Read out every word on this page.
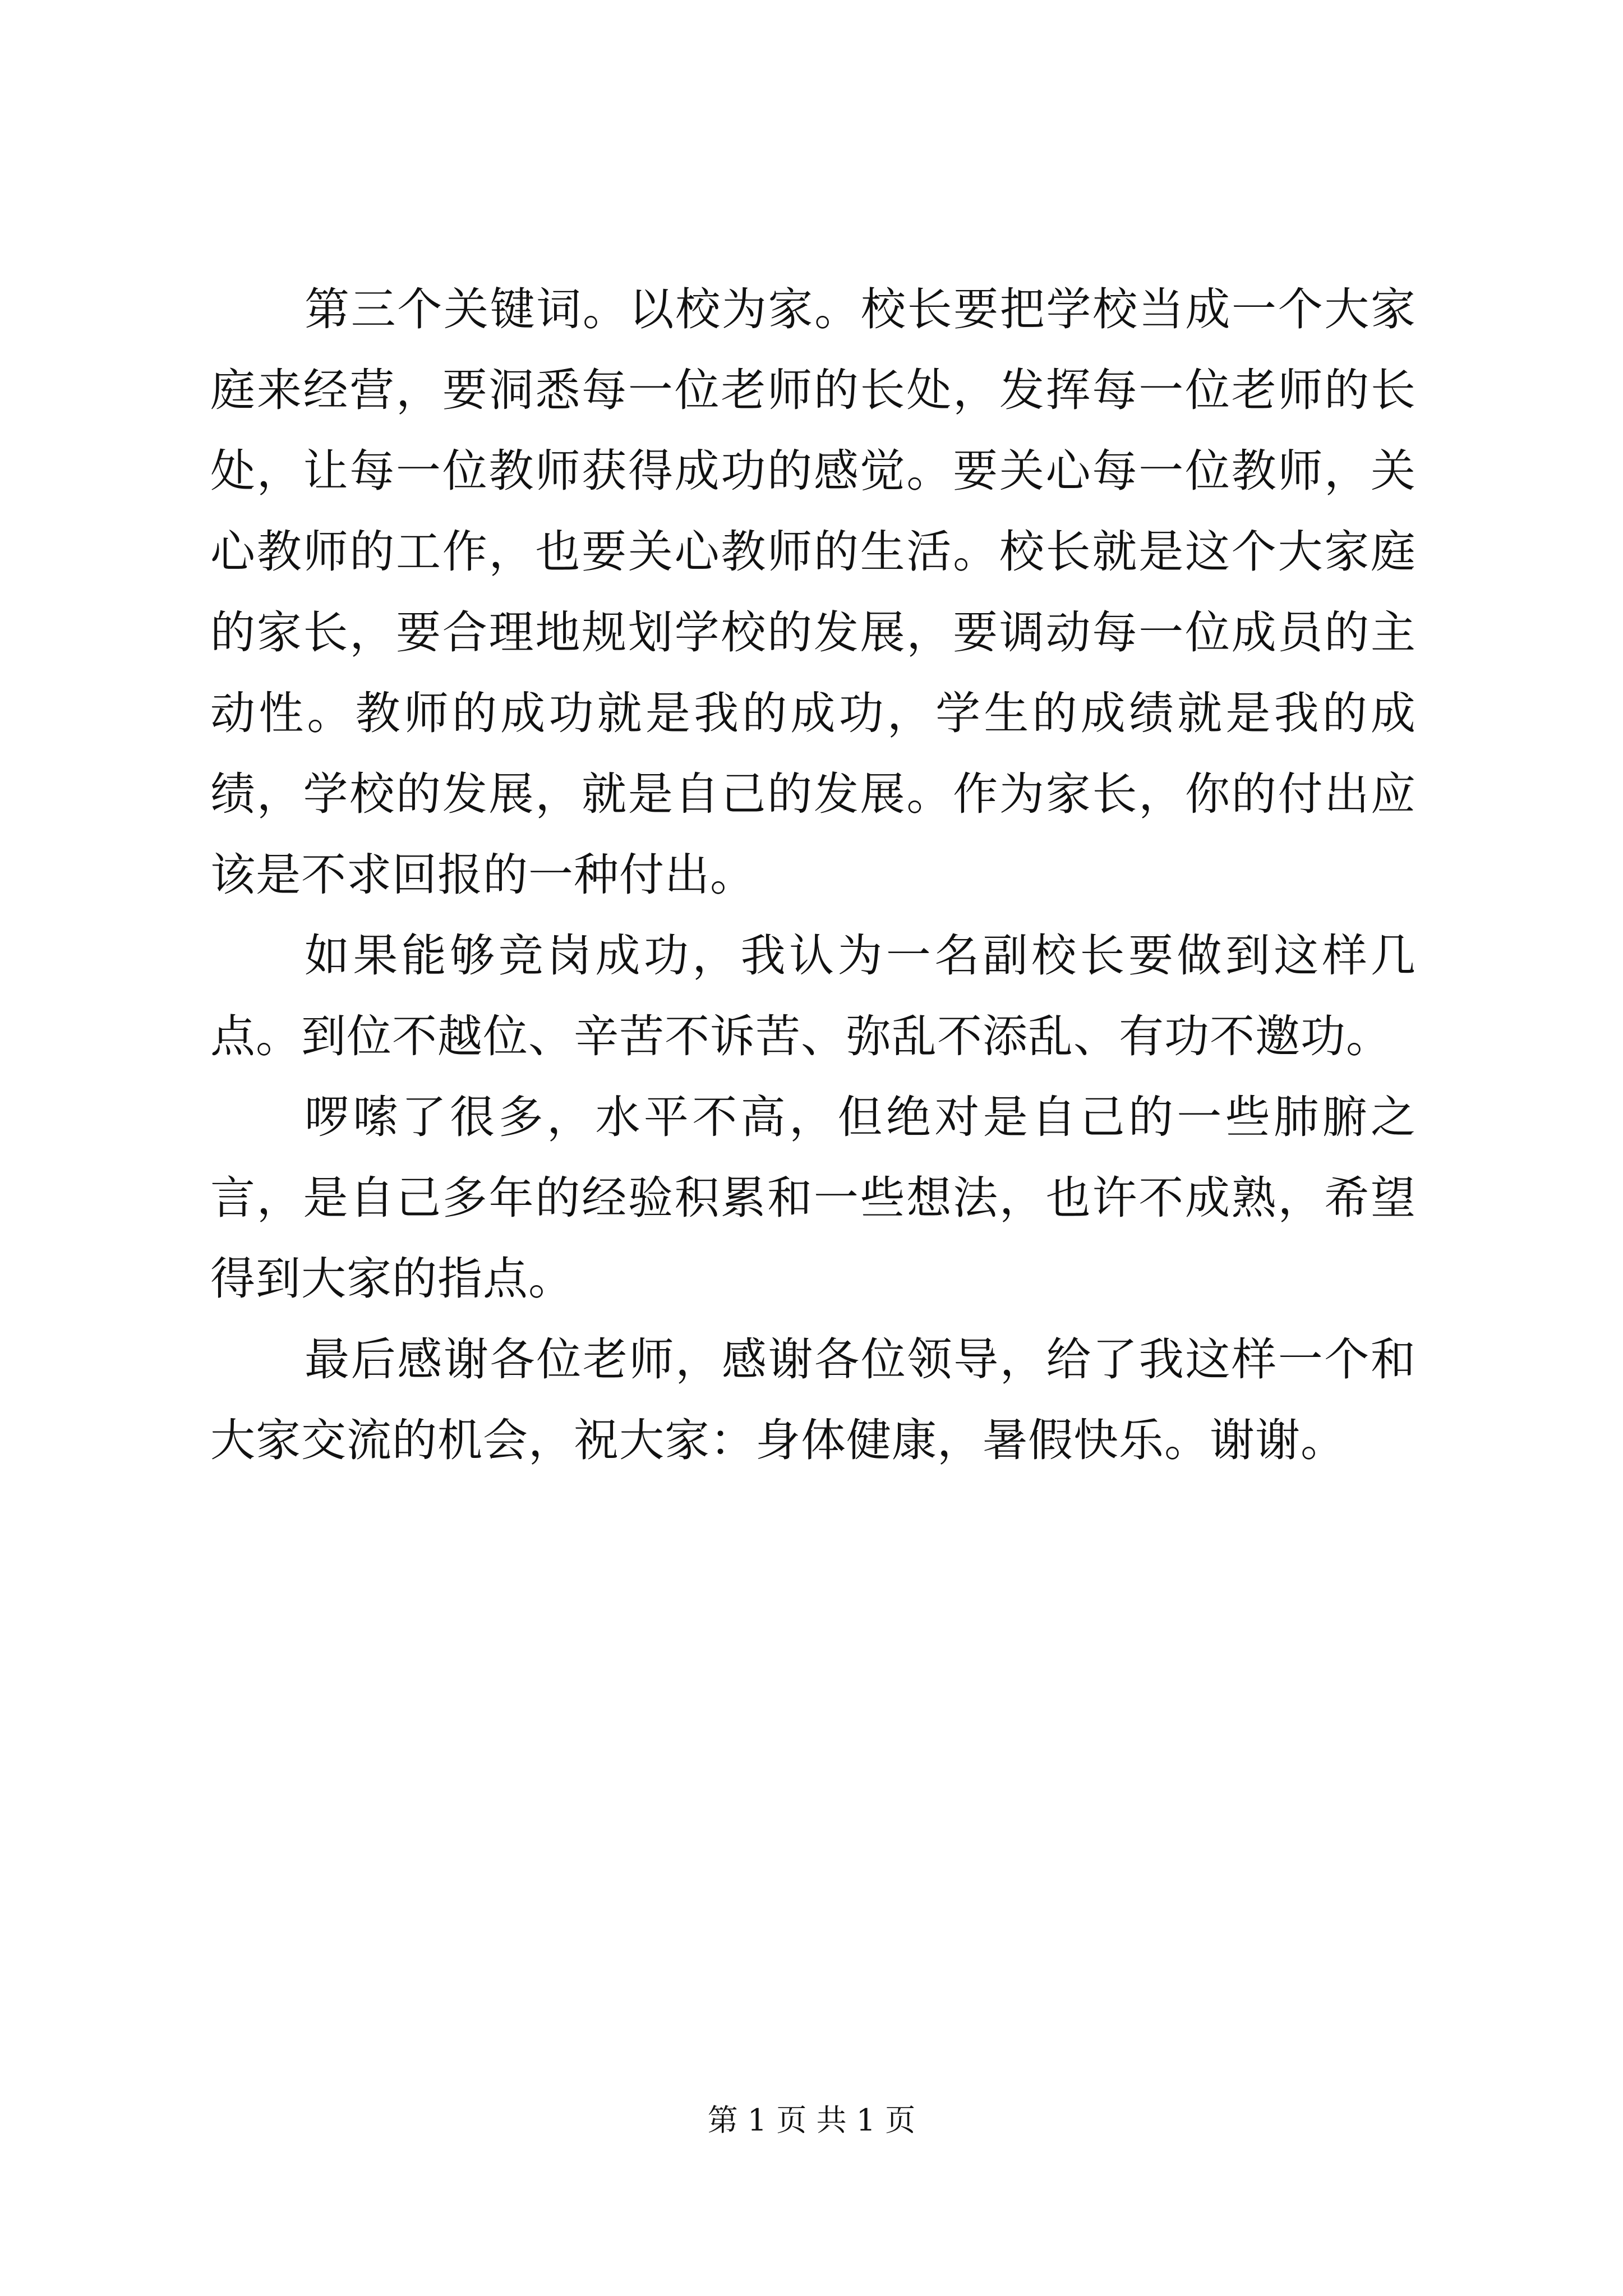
第三个关键词。以校为家。校长要把学校当成一个大家庭来经营，要洞悉每一位老师的长处，发挥每一位老师的长处，让每一位教师获得成功的感觉。要关心每一位教师，关心教师的工作，也要关心教师的生活。校长就是这个大家庭的家长，要合理地规划学校的发展，要调动每一位成员的主动性。教师的成功就是我的成功，学生的成绩就是我的成绩，学校的发展，就是自己的发展。作为家长，你的付出应该是不求回报的一种付出。

如果能够竞岗成功，我认为一名副校长要做到这样几点。到位不越位、辛苦不诉苦、弥乱不添乱、有功不邀功。

啰嗦了很多，水平不高，但绝对是自己的一些肺腑之言，是自己多年的经验积累和一些想法，也许不成熟，希望得到大家的指点。

最后感谢各位老师，感谢各位领导，给了我这样一个和大家交流的机会，祝大家：身体健康，暑假快乐。谢谢。

第 1 页 共 1 页
